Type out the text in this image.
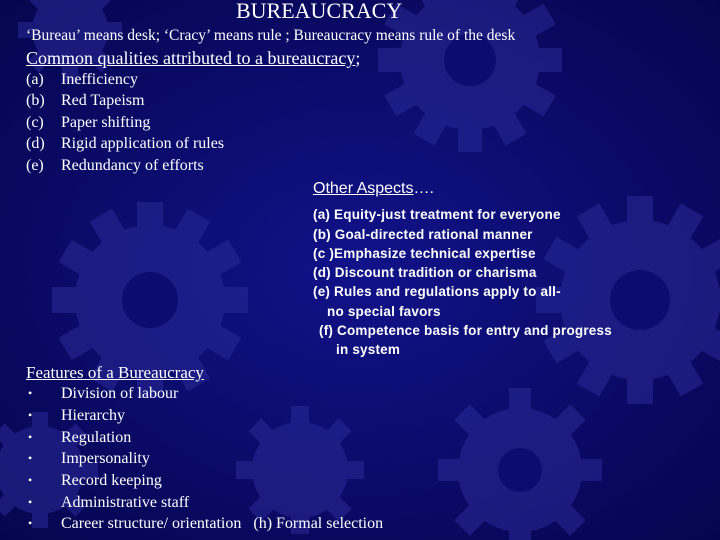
BUREAUCRACY
‘Bureau’ means desk; ‘Cracy’ means rule ; Bureaucracy means rule of the desk
Common qualities attributed to a bureaucracy;
(a) Inefficiency
(b) Red Tapeism
(c) Paper shifting
(d) Rigid application of rules
(e) Redundancy of efforts
Other Aspects….
(a) Equity-just treatment for everyone
(b) Goal-directed rational manner
(c )Emphasize technical expertise
(d) Discount tradition or charisma
(e) Rules and regulations apply to all-
no special favors
(f) Competence basis for entry and progress
in system
Features of a Bureaucracy
• Division of labour
• Hierarchy
• Regulation
• Impersonality
• Record keeping
• Administrative staff
• Career structure/ orientation   (h) Formal selection
